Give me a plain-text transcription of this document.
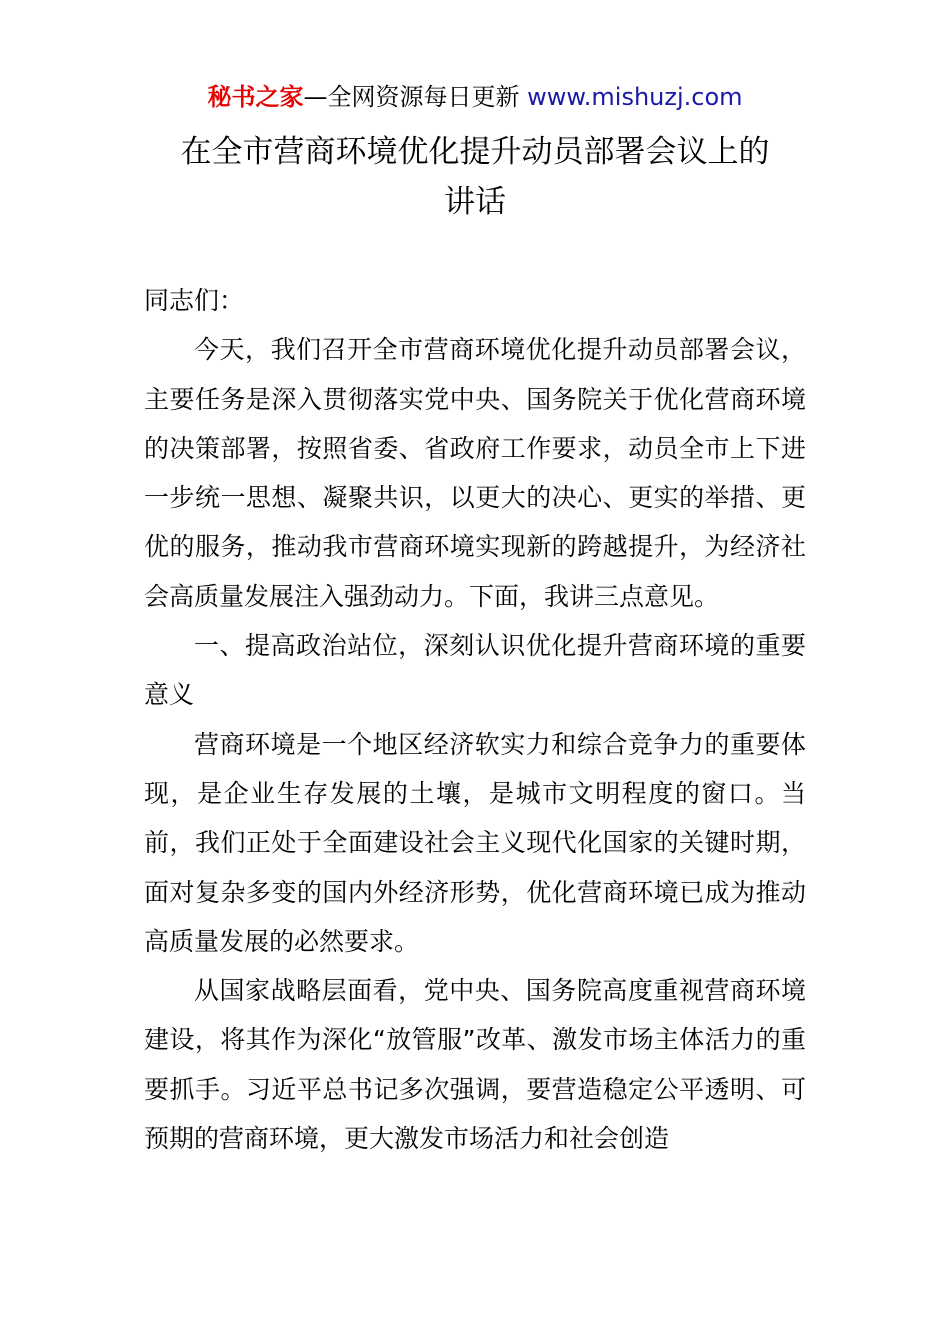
秘书之家—全网资源每日更新 www.mishuzj.com
在全市营商环境优化提升动员部署会议上的
讲话

同志们：

今天，我们召开全市营商环境优化提升动员部署会议，主要任务是深入贯彻落实党中央、国务院关于优化营商环境的决策部署，按照省委、省政府工作要求，动员全市上下进一步统一思想、凝聚共识，以更大的决心、更实的举措、更优的服务，推动我市营商环境实现新的跨越提升，为经济社会高质量发展注入强劲动力。下面，我讲三点意见。

一、提高政治站位，深刻认识优化提升营商环境的重要意义

营商环境是一个地区经济软实力和综合竞争力的重要体现，是企业生存发展的土壤，是城市文明程度的窗口。当前，我们正处于全面建设社会主义现代化国家的关键时期，面对复杂多变的国内外经济形势，优化营商环境已成为推动高质量发展的必然要求。

从国家战略层面看，党中央、国务院高度重视营商环境建设，将其作为深化“放管服”改革、激发市场主体活力的重要抓手。习近平总书记多次强调，要营造稳定公平透明、可预期的营商环境，更大激发市场活力和社会创造
